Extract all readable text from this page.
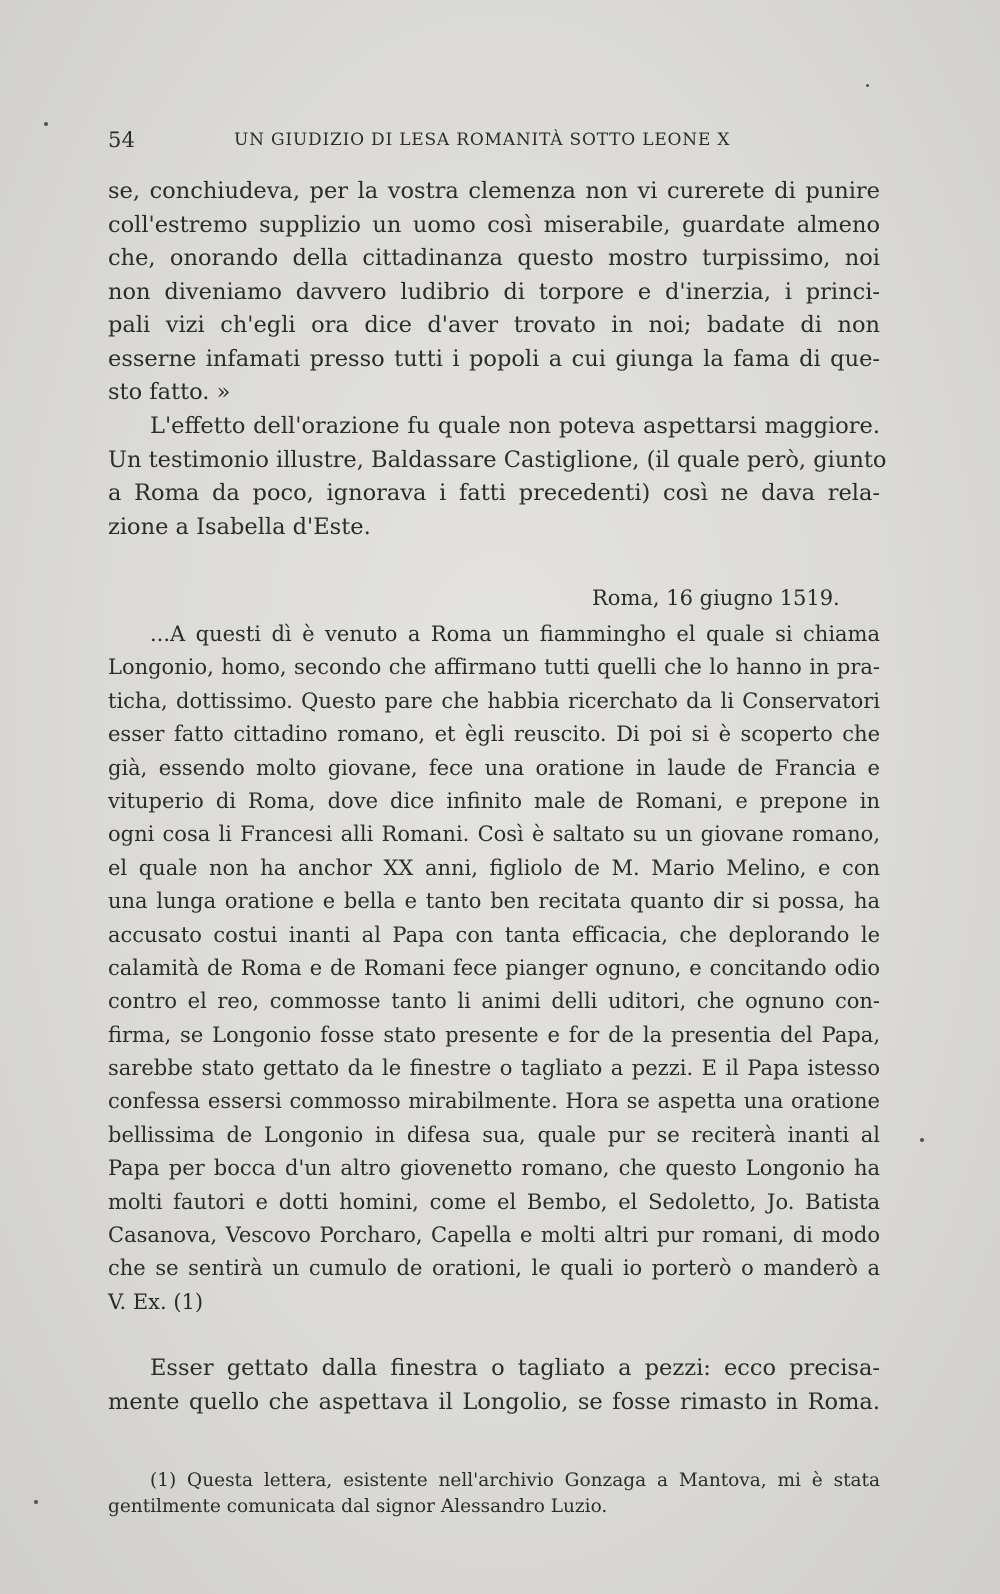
54	UN GIUDIZIO DI LESA ROMANITÀ SOTTO LEONE X
se, conchiudeva, per la vostra clemenza non vi curerete di punire
coll'estremo supplizio un uomo così miserabile, guardate almeno
che, onorando della cittadinanza questo mostro turpissimo, noi
non diveniamo davvero ludibrio di torpore e d'inerzia, i princi-
pali vizi ch'egli ora dice d'aver trovato in noi; badate di non
esserne infamati presso tutti i popoli a cui giunga la fama di que-
sto fatto. »
L'effetto dell'orazione fu quale non poteva aspettarsi maggiore.
Un testimonio illustre, Baldassare Castiglione, (il quale però, giunto
a Roma da poco, ignorava i fatti precedenti) così ne dava rela-
zione a Isabella d'Este.
Roma, 16 giugno 1519.
...A questi dì è venuto a Roma un fiammingho el quale si chiama
Longonio, homo, secondo che affirmano tutti quelli che lo hanno in pra-
ticha, dottissimo. Questo pare che habbia ricerchato da li Conservatori
esser fatto cittadino romano, et ègli reuscito. Di poi si è scoperto che
già, essendo molto giovane, fece una oratione in laude de Francia e
vituperio di Roma, dove dice infinito male de Romani, e prepone in
ogni cosa li Francesi alli Romani. Così è saltato su un giovane romano,
el quale non ha anchor XX anni, figliolo de M. Mario Melino, e con
una lunga oratione e bella e tanto ben recitata quanto dir si possa, ha
accusato costui inanti al Papa con tanta efficacia, che deplorando le
calamità de Roma e de Romani fece pianger ognuno, e concitando odio
contro el reo, commosse tanto li animi delli uditori, che ognuno con-
firma, se Longonio fosse stato presente e for de la presentia del Papa,
sarebbe stato gettato da le finestre o tagliato a pezzi. E il Papa istesso
confessa essersi commosso mirabilmente. Hora se aspetta una oratione
bellissima de Longonio in difesa sua, quale pur se reciterà inanti al
Papa per bocca d'un altro giovenetto romano, che questo Longonio ha
molti fautori e dotti homini, come el Bembo, el Sedoletto, Jo. Batista
Casanova, Vescovo Porcharo, Capella e molti altri pur romani, di modo
che se sentirà un cumulo de orationi, le quali io porterò o manderò a
V. Ex. (1)
Esser gettato dalla finestra o tagliato a pezzi: ecco precisa-
mente quello che aspettava il Longolio, se fosse rimasto in Roma.
(1) Questa lettera, esistente nell'archivio Gonzaga a Mantova, mi è stata
gentilmente comunicata dal signor Alessandro Luzio.
